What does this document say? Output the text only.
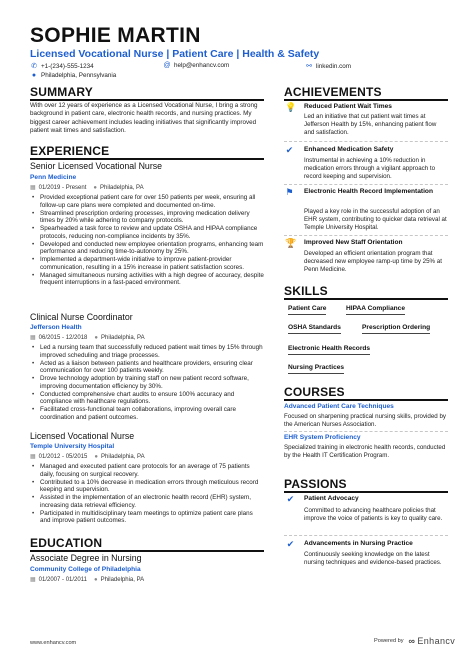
SOPHIE MARTIN
Licensed Vocational Nurse | Patient Care | Health & Safety
✆ +1-(234)-555-1234	@ help@enhancv.com	⚯ linkedin.com
● Philadelphia, Pennsylvania
SUMMARY
With over 12 years of experience as a Licensed Vocational Nurse, I bring a strong background in patient care, electronic health records, and nursing practices. My biggest career achievement includes leading initiatives that significantly improved patient wait times and satisfaction.
EXPERIENCE
Senior Licensed Vocational Nurse
Penn Medicine
▦ 01/2019 - Present ● Philadelphia, PA
• Provided exceptional patient care for over 150 patients per week, ensuring all follow-up care plans were completed and documented on-time.
• Streamlined prescription ordering processes, improving medication delivery times by 20% while adhering to company protocols.
• Spearheaded a task force to review and update OSHA and HIPAA compliance protocols, reducing non-compliance incidents by 35%.
• Developed and conducted new employee orientation programs, enhancing team performance and reducing time-to-autonomy by 25%.
• Implemented a department-wide initiative to improve patient-provider communication, resulting in a 15% increase in patient satisfaction scores.
• Managed simultaneous nursing activities with a high degree of accuracy, despite frequent interruptions in a fast-paced environment.
Clinical Nurse Coordinator
Jefferson Health
▦ 06/2015 - 12/2018 ● Philadelphia, PA
• Led a nursing team that successfully reduced patient wait times by 15% through improved scheduling and triage processes.
• Acted as a liaison between patients and healthcare providers, ensuring clear communication for over 100 patients weekly.
• Drove technology adoption by training staff on new patient record software, improving documentation efficiency by 30%.
• Conducted comprehensive chart audits to ensure 100% accuracy and compliance with healthcare regulations.
• Facilitated cross-functional team collaborations, improving overall care coordination and patient outcomes.
Licensed Vocational Nurse
Temple University Hospital
▦ 01/2012 - 05/2015 ● Philadelphia, PA
• Managed and executed patient care protocols for an average of 75 patients daily, focusing on surgical recovery.
• Contributed to a 10% decrease in medication errors through meticulous record keeping and supervision.
• Assisted in the implementation of an electronic health record (EHR) system, increasing data retrieval efficiency.
• Participated in multidisciplinary team meetings to optimize patient care plans and improve patient outcomes.
EDUCATION
Associate Degree in Nursing
Community College of Philadelphia
▦ 01/2007 - 01/2011 ● Philadelphia, PA
ACHIEVEMENTS
💡 Reduced Patient Wait Times
Led an initiative that cut patient wait times at Jefferson Health by 15%, enhancing patient flow and satisfaction.
✔ Enhanced Medication Safety
Instrumental in achieving a 10% reduction in medication errors through a vigilant approach to record keeping and supervision.
⚑ Electronic Health Record Implementation
Played a key role in the successful adoption of an EHR system, contributing to quicker data retrieval at Temple University Hospital.
🏆 Improved New Staff Orientation
Developed an efficient orientation program that decreased new employee ramp-up time by 25% at Penn Medicine.
SKILLS
Patient Care	HIPAA Compliance
OSHA Standards	Prescription Ordering
Electronic Health Records
Nursing Practices
COURSES
Advanced Patient Care Techniques
Focused on sharpening practical nursing skills, provided by the American Nurses Association.
EHR System Proficiency
Specialized training in electronic health records, conducted by the Health IT Certification Program.
PASSIONS
✔ Patient Advocacy
Committed to advancing healthcare policies that improve the voice of patients is key to quality care.
✔ Advancements in Nursing Practice
Continuously seeking knowledge on the latest nursing techniques and evidence-based practices.
www.enhancv.com	Powered by ∞ Enhancv
